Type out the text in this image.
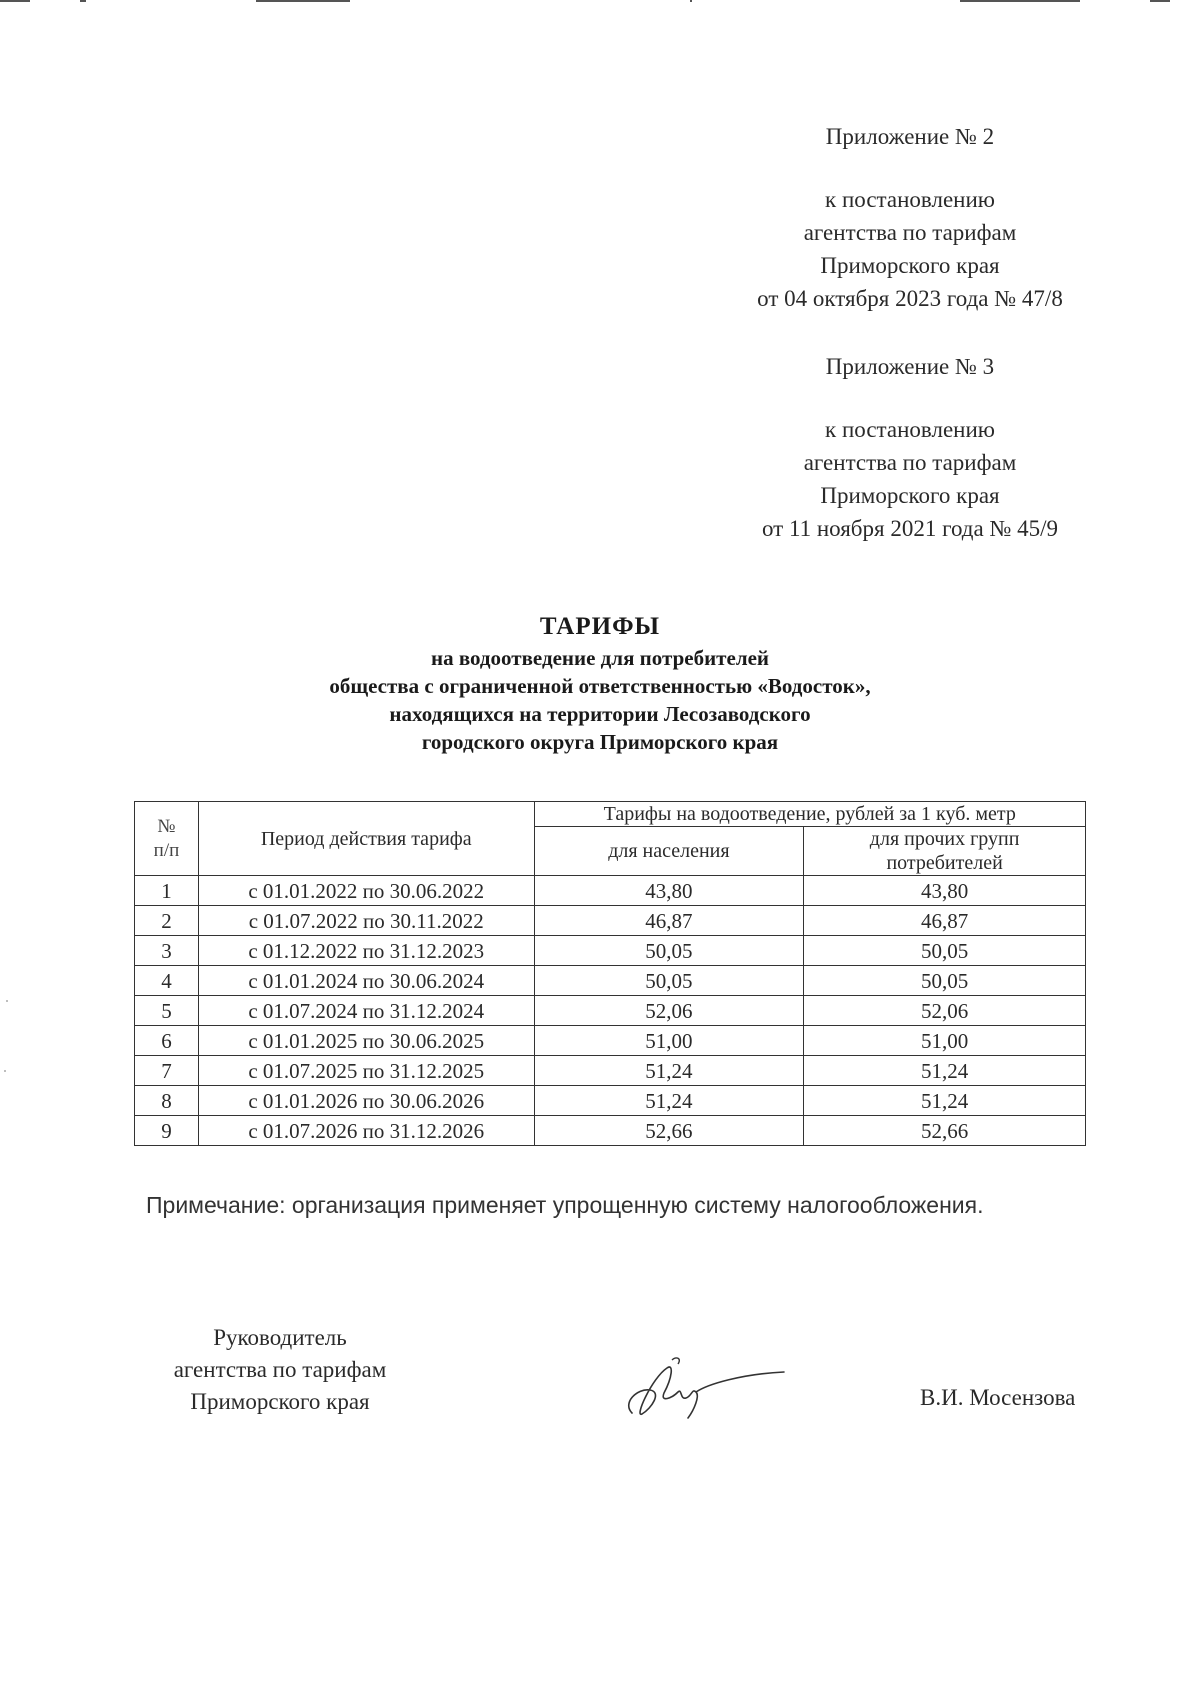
Приложение № 2
к постановлению
агентства по тарифам
Приморского края
от 04 октября 2023 года № 47/8
Приложение № 3
к постановлению
агентства по тарифам
Приморского края
от 11 ноября 2021 года № 45/9
ТАРИФЫ
на водоотведение для потребителей
общества с ограниченной ответственностью «Водосток»,
находящихся на территории Лесозаводского
городского округа Приморского края
№
п/п	Период действия тарифа	Тарифы на водоотведение, рублей за 1 куб. метр	
		для населения	для прочих групп
потребителей

1	с 01.01.2022 по 30.06.2022	43,80	43,80
2	с 01.07.2022 по 30.11.2022	46,87	46,87
3	с 01.12.2022 по 31.12.2023	50,05	50,05
4	с 01.01.2024 по 30.06.2024	50,05	50,05
5	с 01.07.2024 по 31.12.2024	52,06	52,06
6	с 01.01.2025 по 30.06.2025	51,00	51,00
7	с 01.07.2025 по 31.12.2025	51,24	51,24
8	с 01.01.2026 по 30.06.2026	51,24	51,24
9	с 01.07.2026 по 31.12.2026	52,66	52,66
Примечание: организация применяет упрощенную систему налогообложения.
Руководитель
агентства по тарифам
Приморского края	В.И. Мосензова
